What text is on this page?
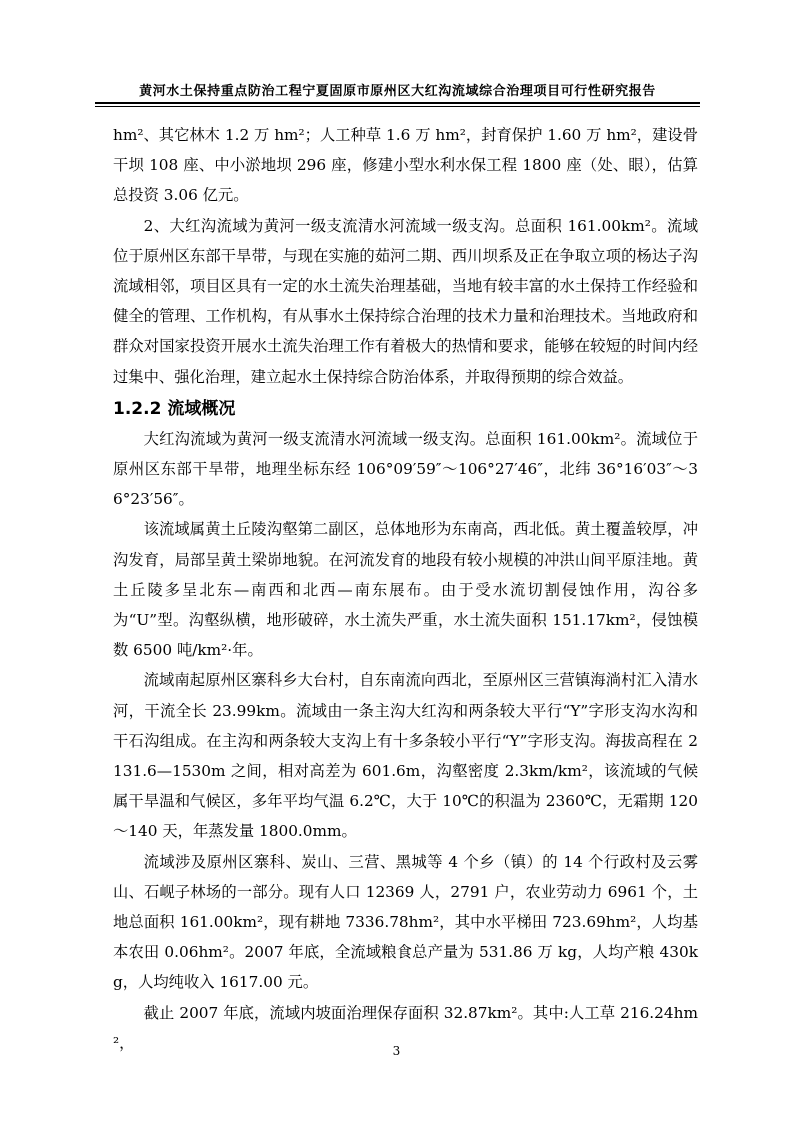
黄河水土保持重点防治工程宁夏固原市原州区大红沟流域综合治理项目可行性研究报告

hm²、其它林木 1.2 万 hm²；人工种草 1.6 万 hm²，封育保护 1.60 万 hm²，建设骨干坝 108 座、中小淤地坝 296 座，修建小型水利水保工程 1800 座（处、眼），估算总投资 3.06 亿元。

2、大红沟流域为黄河一级支流清水河流域一级支沟。总面积 161.00km²。流域位于原州区东部干旱带，与现在实施的茹河二期、西川坝系及正在争取立项的杨达子沟流域相邻，项目区具有一定的水土流失治理基础，当地有较丰富的水土保持工作经验和健全的管理、工作机构，有从事水土保持综合治理的技术力量和治理技术。当地政府和群众对国家投资开展水土流失治理工作有着极大的热情和要求，能够在较短的时间内经过集中、强化治理，建立起水土保持综合防治体系，并取得预期的综合效益。

1.2.2 流域概况

大红沟流域为黄河一级支流清水河流域一级支沟。总面积 161.00km²。流域位于原州区东部干旱带，地理坐标东经 106°09′59″～106°27′46″，北纬 36°16′03″～36°23′56″。

该流域属黄土丘陵沟壑第二副区，总体地形为东南高，西北低。黄土覆盖较厚，冲沟发育，局部呈黄土梁峁地貌。在河流发育的地段有较小规模的冲洪山间平原洼地。黄土丘陵多呈北东—南西和北西—南东展布。由于受水流切割侵蚀作用，沟谷多为“U”型。沟壑纵横，地形破碎，水土流失严重，水土流失面积 151.17km²，侵蚀模数 6500 吨/km²·年。

流域南起原州区寨科乡大台村，自东南流向西北，至原州区三营镇海淌村汇入清水河，干流全长 23.99km。流域由一条主沟大红沟和两条较大平行“Y”字形支沟水沟和干石沟组成。在主沟和两条较大支沟上有十多条较小平行“Y”字形支沟。海拔高程在 2131.6—1530m 之间，相对高差为 601.6m，沟壑密度 2.3km/km²，该流域的气候属干旱温和气候区，多年平均气温 6.2℃，大于 10℃的积温为 2360℃，无霜期 120～140 天，年蒸发量 1800.0mm。

流域涉及原州区寨科、炭山、三营、黑城等 4 个乡（镇）的 14 个行政村及云雾山、石岘子林场的一部分。现有人口 12369 人，2791 户，农业劳动力 6961 个，土地总面积 161.00km²，现有耕地 7336.78hm²，其中水平梯田 723.69hm²，人均基本农田 0.06hm²。2007 年底，全流域粮食总产量为 531.86 万 kg，人均产粮 430kg，人均纯收入 1617.00 元。

截止 2007 年底，流域内坡面治理保存面积 32.87km²。其中:人工草 216.24hm²，	3
